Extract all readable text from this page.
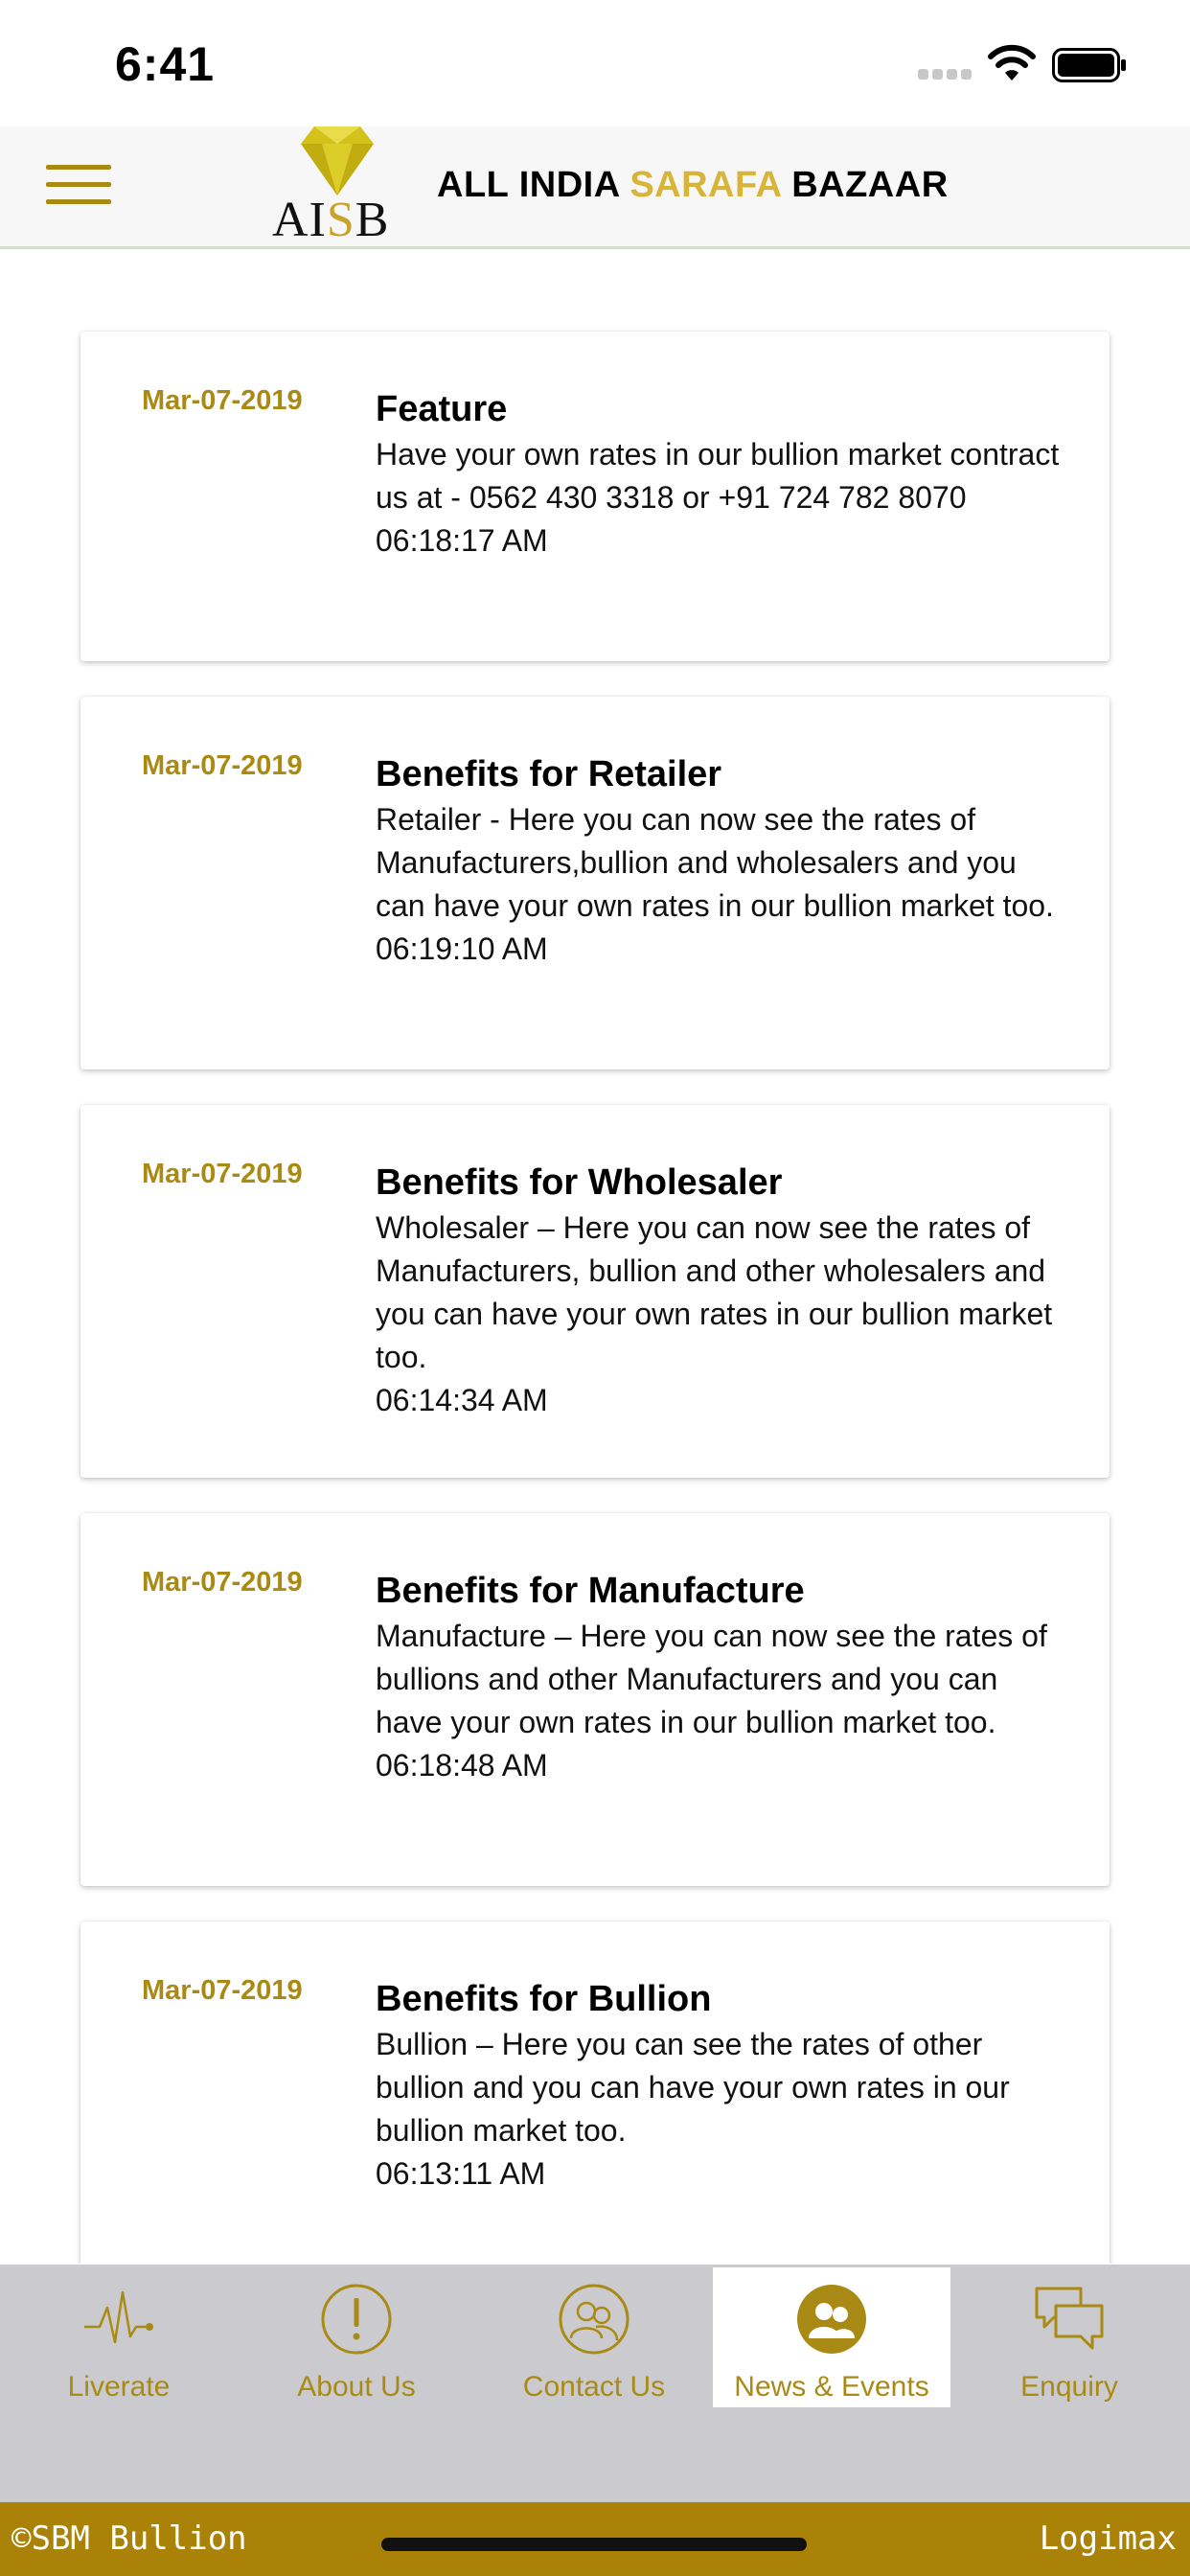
6:41
AISB
ALL INDIA SARAFA BAZAAR
Mar-07-2019 Feature
Have your own rates in our bullion market contract us at - 0562 430 3318 or +91 724 782 8070
06:18:17 AM
Mar-07-2019 Benefits for Retailer
Retailer - Here you can now see the rates of Manufacturers,bullion and wholesalers and you can have your own rates in our bullion market too.
06:19:10 AM
Mar-07-2019 Benefits for Wholesaler
Wholesaler – Here you can now see the rates of Manufacturers, bullion and other wholesalers and you can have your own rates in our bullion market too.
06:14:34 AM
Mar-07-2019 Benefits for Manufacture
Manufacture – Here you can now see the rates of bullions and other Manufacturers and you can have your own rates in our bullion market too.
06:18:48 AM
Mar-07-2019 Benefits for Bullion
Bullion – Here you can see the rates of other bullion and you can have your own rates in our bullion market too.
06:13:11 AM
Liverate	About Us	Contact Us	News & Events	Enquiry
©SBM Bullion	Logimax
